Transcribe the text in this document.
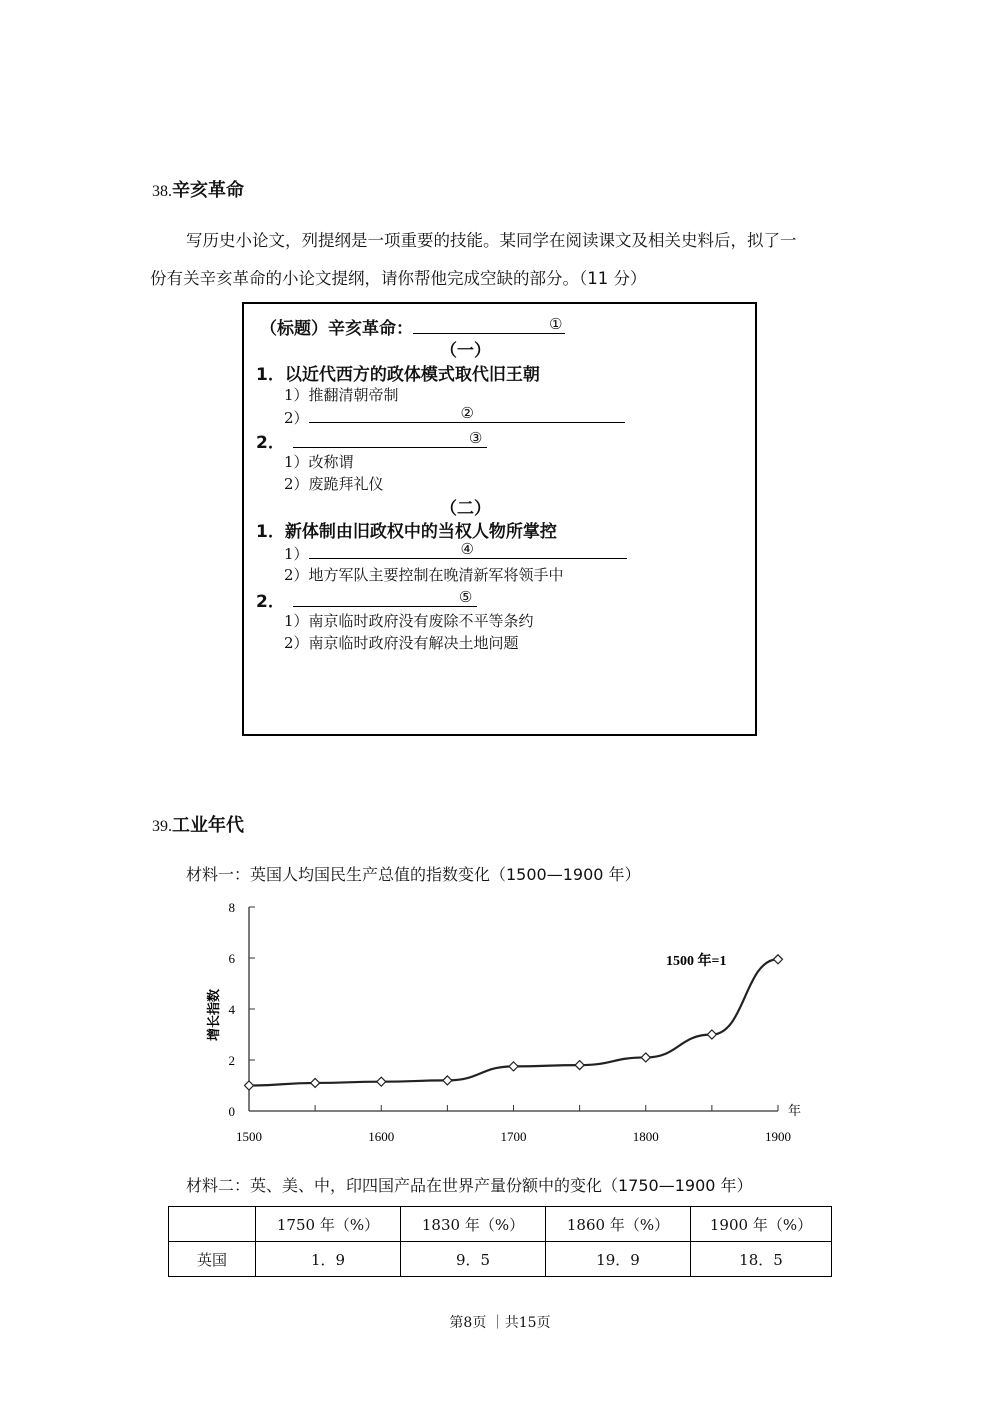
38.辛亥革命
写历史小论文，列提纲是一项重要的技能。某同学在阅读课文及相关史料后，拟了一
份有关辛亥革命的小论文提纲，请你帮他完成空缺的部分。（11 分）
（标题）辛亥革命：	①
（一）
1．以近代西方的政体模式取代旧王朝
1）推翻清朝帝制
2）	②
2．	③
1）改称谓
2）废跪拜礼仪
（二）
1．新体制由旧政权中的当权人物所掌控
1）	④
2）地方军队主要控制在晚清新军将领手中
2．	⑤
1）南京临时政府没有废除不平等条约
2）南京临时政府没有解决土地问题
39.工业年代
材料一：英国人均国民生产总值的指数变化（1500—1900 年）
0
2
4
6
8
1500	1600	1700	1800	1900
增长指数
年
1500 年=1
材料二：英、美、中，印四国产品在世界产量份额中的变化（1750—1900 年）
	1750 年（%）	1830 年（%）	1860 年（%）	1900 年（%）
英国	1．9	9．5	19．9	18．5
第8页 ｜共15页
